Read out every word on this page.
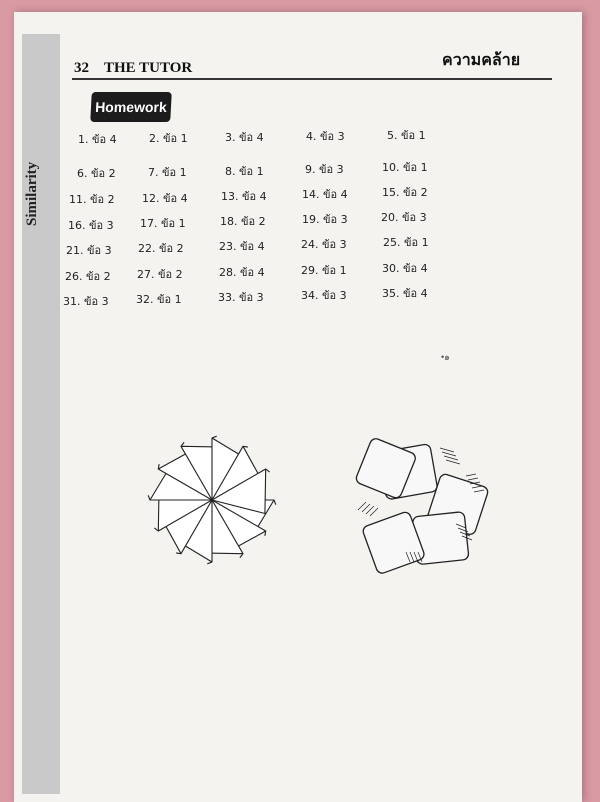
Similarity
32 THE TUTOR	ความคล้าย
Homework
1. ข้อ 4	2. ข้อ 1	3. ข้อ 4	4. ข้อ 3	5. ข้อ 1
6. ข้อ 2	7. ข้อ 1	8. ข้อ 1	9. ข้อ 3	10. ข้อ 1
11. ข้อ 2 12. ข้อ 4	13. ข้อ 4	14. ข้อ 4	15. ข้อ 2
16. ข้อ 3 17. ข้อ 1	18. ข้อ 2	19. ข้อ 3	20. ข้อ 3
21. ข้อ 3 22. ข้อ 2	23. ข้อ 4	24. ข้อ 3	25. ข้อ 1
26. ข้อ 2 27. ข้อ 2	28. ข้อ 4	29. ข้อ 1	30. ข้อ 4
31. ข้อ 3 32. ข้อ 1	33. ข้อ 3	34. ข้อ 3	35. ข้อ 4
•๑
